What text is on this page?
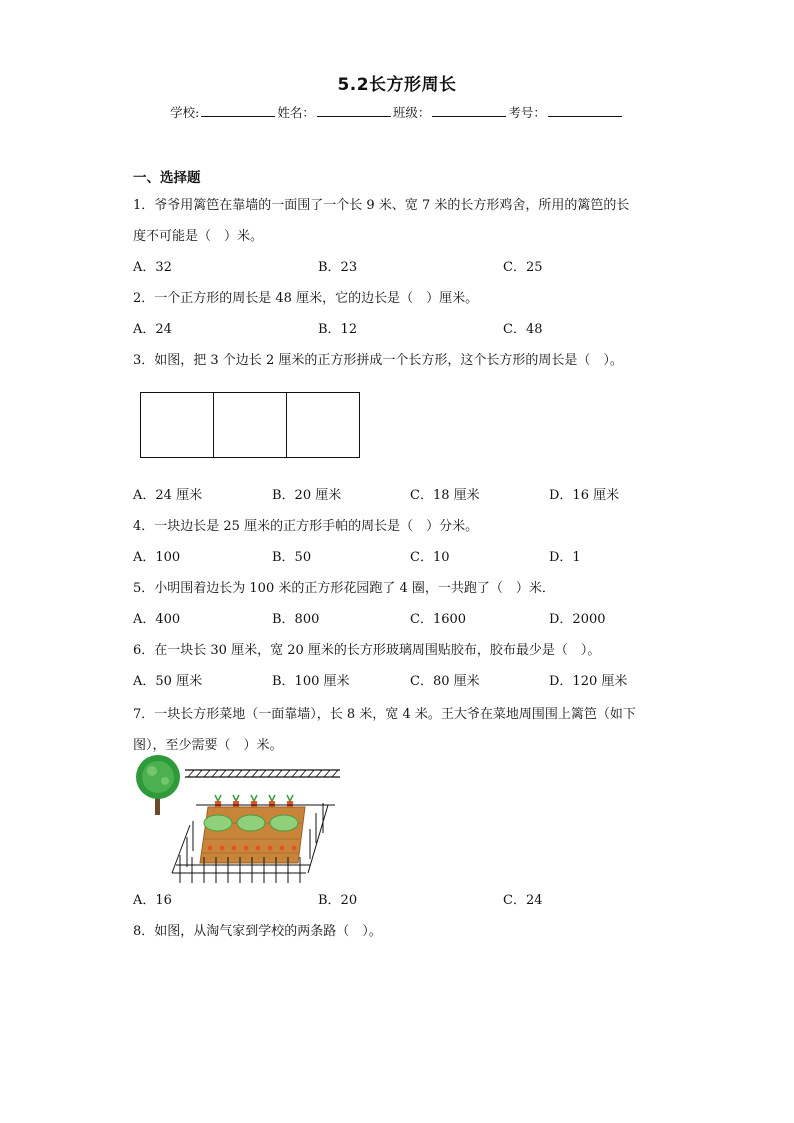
5.2长方形周长
学校:	姓名：	班级：	考号：
一、选择题
1．爷爷用篱笆在靠墙的一面围了一个长 9 米、宽 7 米的长方形鸡舍，所用的篱笆的长
度不可能是（　）米。
A．32	B．23	C．25
2．一个正方形的周长是 48 厘米，它的边长是（　）厘米。
A．24	B．12	C．48
3．如图，把 3 个边长 2 厘米的正方形拼成一个长方形，这个长方形的周长是（　）。
A．24 厘米	B．20 厘米	C．18 厘米	D．16 厘米
4．一块边长是 25 厘米的正方形手帕的周长是（　）分米。
A．100	B．50	C．10	D．1
5．小明围着边长为 100 米的正方形花园跑了 4 圈，一共跑了（　）米．
A．400	B．800	C．1600	D．2000
6．在一块长 30 厘米，宽 20 厘米的长方形玻璃周围贴胶布，胶布最少是（　）。
A．50 厘米	B．100 厘米	C．80 厘米	D．120 厘米
7．一块长方形菜地（一面靠墙），长 8 米，宽 4 米。王大爷在菜地周围围上篱笆（如下
图），至少需要（　）米。
A．16	B．20	C．24
8．如图，从淘气家到学校的两条路（　）。
